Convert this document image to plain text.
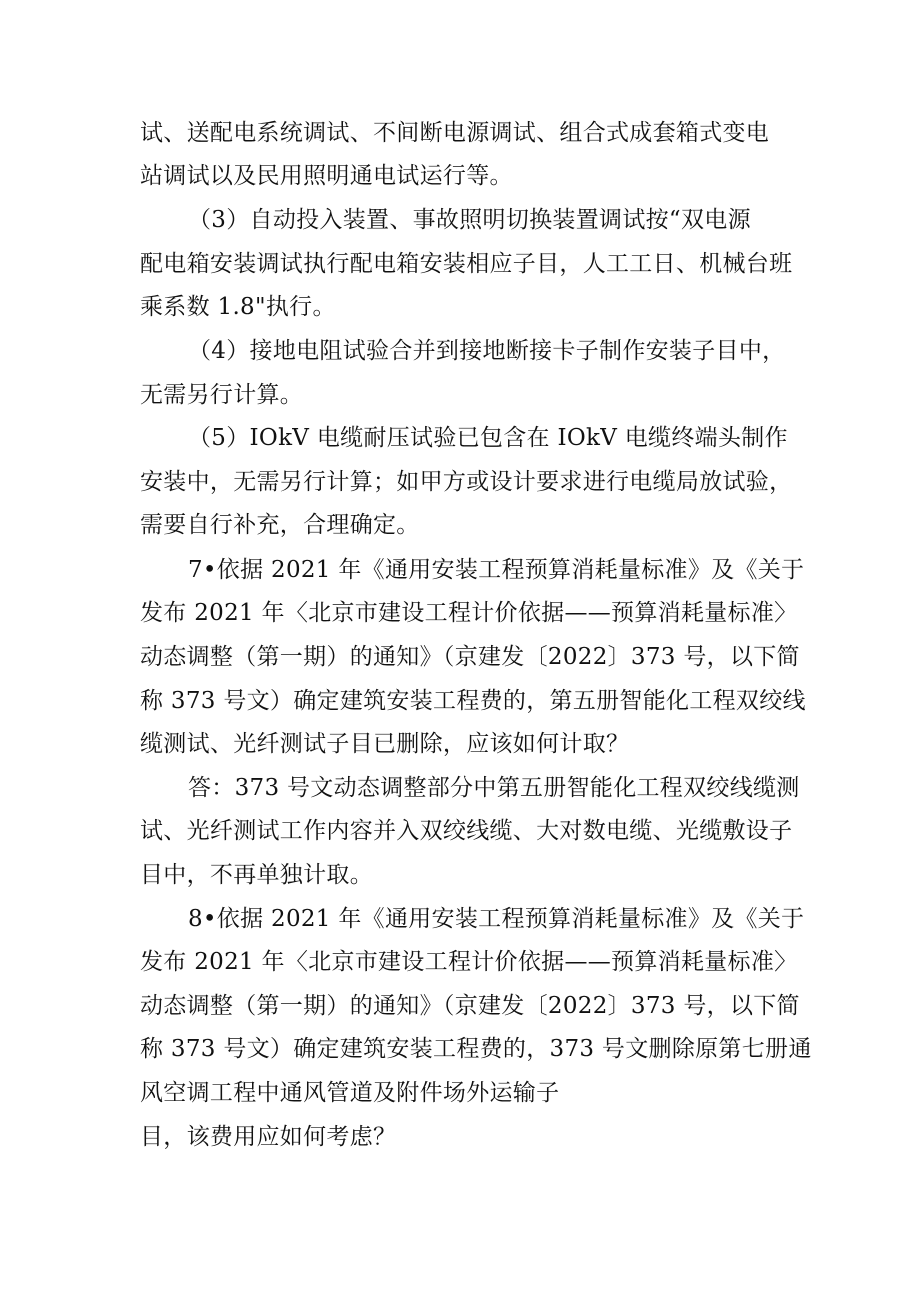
试、送配电系统调试、不间断电源调试、组合式成套箱式变电
站调试以及民用照明通电试运行等。
（3）自动投入装置、事故照明切换装置调试按“双电源
配电箱安装调试执行配电箱安装相应子目，人工工日、机械台班
乘系数 1.8"执行。
（4）接地电阻试验合并到接地断接卡子制作安装子目中，
无需另行计算。
（5）IOkV 电缆耐压试验已包含在 IOkV 电缆终端头制作
安装中，无需另行计算；如甲方或设计要求进行电缆局放试验，
需要自行补充，合理确定。
7•依据 2021 年《通用安装工程预算消耗量标准》及《关于
发布 2021 年〈北京市建设工程计价依据——预算消耗量标准〉
动态调整（第一期）的通知》（京建发〔2022〕373 号，以下简
称 373 号文）确定建筑安装工程费的，第五册智能化工程双绞线
缆测试、光纤测试子目已删除，应该如何计取？
答：373 号文动态调整部分中第五册智能化工程双绞线缆测
试、光纤测试工作内容并入双绞线缆、大对数电缆、光缆敷设子
目中，不再单独计取。
8•依据 2021 年《通用安装工程预算消耗量标准》及《关于
发布 2021 年〈北京市建设工程计价依据——预算消耗量标准〉
动态调整（第一期）的通知》（京建发〔2022〕373 号，以下简
称 373 号文）确定建筑安装工程费的，373 号文删除原第七册通
风空调工程中通风管道及附件场外运输子
目，该费用应如何考虑？
